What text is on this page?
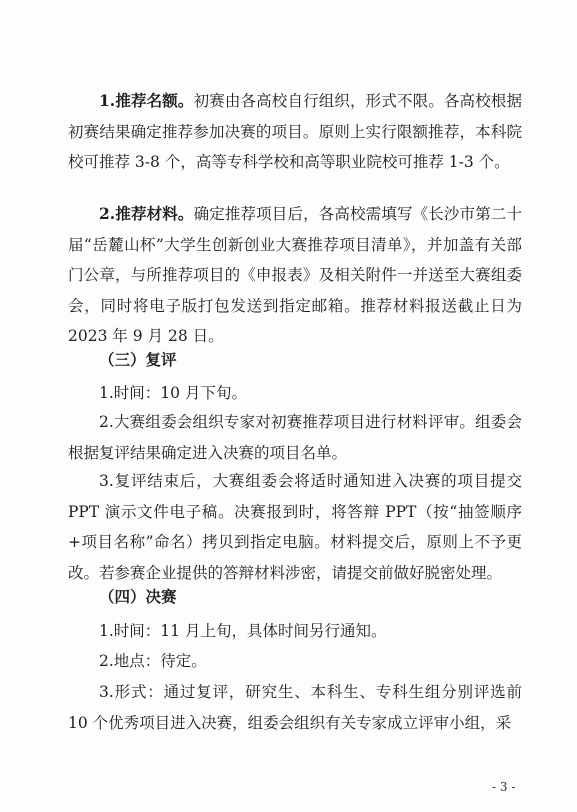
1.推荐名额。初赛由各高校自行组织，形式不限。各高校根据初赛结果确定推荐参加决赛的项目。原则上实行限额推荐，本科院校可推荐 3-8 个，高等专科学校和高等职业院校可推荐 1-3 个。

2.推荐材料。确定推荐项目后，各高校需填写《长沙市第二十届“岳麓山杯”大学生创新创业大赛推荐项目清单》，并加盖有关部门公章，与所推荐项目的《申报表》及相关附件一并送至大赛组委会，同时将电子版打包发送到指定邮箱。推荐材料报送截止日为 2023 年 9 月 28 日。

（三）复评

1.时间：10 月下旬。

2.大赛组委会组织专家对初赛推荐项目进行材料评审。组委会根据复评结果确定进入决赛的项目名单。

3.复评结束后，大赛组委会将适时通知进入决赛的项目提交 PPT 演示文件电子稿。决赛报到时，将答辩 PPT（按“抽签顺序+项目名称”命名）拷贝到指定电脑。材料提交后，原则上不予更改。若参赛企业提供的答辩材料涉密，请提交前做好脱密处理。

（四）决赛

1.时间：11 月上旬，具体时间另行通知。

2.地点：待定。

3.形式：通过复评，研究生、本科生、专科生组分别评选前 10 个优秀项目进入决赛，组委会组织有关专家成立评审小组，采

- 3 -
